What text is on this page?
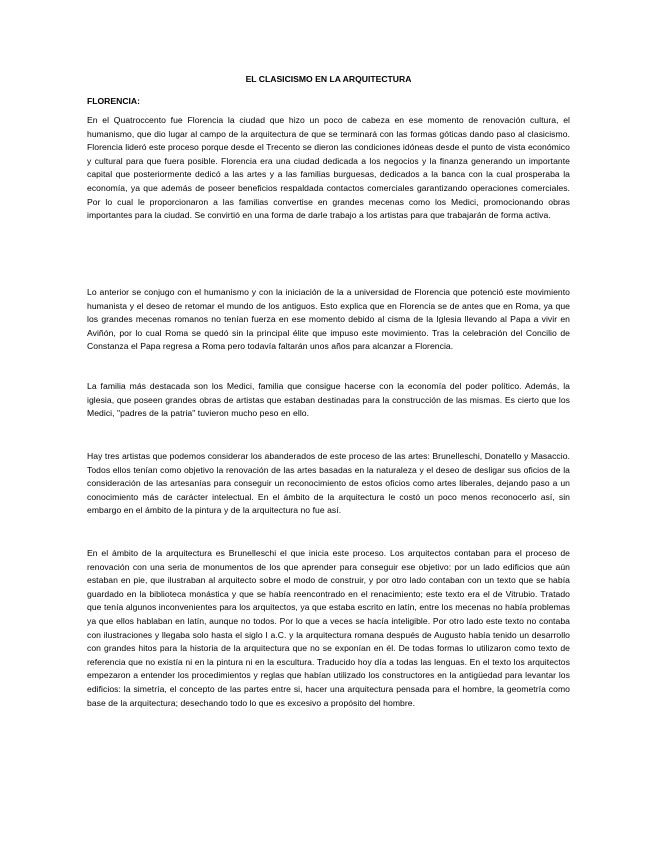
EL CLASICISMO EN LA ARQUITECTURA
FLORENCIA:

En el Quatroccento fue Florencia la ciudad que hizo un poco de cabeza en ese momento de renovación cultura, el humanismo, que dio lugar al campo de la arquitectura de que se terminará con las formas góticas dando paso al clasicismo. Florencia lideró este proceso porque desde el Trecento se dieron las condiciones idóneas desde el punto de vista económico y cultural para que fuera posible. Florencia era una ciudad dedicada a los negocios y la finanza generando un importante capital que posteriormente dedicó a las artes y a las familias burguesas, dedicados a la banca con la cual prosperaba la economía, ya que además de poseer beneficios respaldada contactos comerciales garantizando operaciones comerciales. Por lo cual le proporcionaron a las familias convertise en grandes mecenas como los Medici, promocionando obras importantes para la ciudad. Se convirtió en una forma de darle trabajo a los artistas para que trabajarán de forma activa.

Lo anterior se conjugo con el humanismo y con la iniciación de la a universidad de Florencia que potenció este movimiento humanista y el deseo de retomar el mundo de los antiguos. Esto explica que en Florencia se de antes que en Roma, ya que los grandes mecenas romanos no tenían fuerza en ese momento debido al cisma de la Iglesia llevando al Papa a vivir en Aviñón, por lo cual Roma se quedó sin la principal élite que impuso este movimiento. Tras la celebración del Concilio de Constanza el Papa regresa a Roma pero todavía faltarán unos años para alcanzar a Florencia.

La familia más destacada son los Medici, familia que consigue hacerse con la economía del poder político. Además, la iglesia, que poseen grandes obras de artistas que estaban destinadas para la construcción de las mismas. Es cierto que los Medici, "padres de la patria" tuvieron mucho peso en ello.

Hay tres artistas que podemos considerar los abanderados de este proceso de las artes: Brunelleschi, Donatello y Masaccio. Todos ellos tenían como objetivo la renovación de las artes basadas en la naturaleza y el deseo de desligar sus oficios de la consideración de las artesanías para conseguir un reconocimiento de estos oficios como artes liberales, dejando paso a un conocimiento más de carácter intelectual. En el ámbito de la arquitectura le costó un poco menos reconocerlo así, sin embargo en el ámbito de la pintura y de la arquitectura no fue así.

En el ámbito de la arquitectura es Brunelleschi el que inicia este proceso. Los arquitectos contaban para el proceso de renovación con una seria de monumentos de los que aprender para conseguir ese objetivo: por un lado edificios que aún estaban en pie, que ilustraban al arquitecto sobre el modo de construir, y por otro lado contaban con un texto que se había guardado en la biblioteca monástica y que se había reencontrado en el renacimiento; este texto era el de Vitrubio. Tratado que tenía algunos inconvenientes para los arquitectos, ya que estaba escrito en latín, entre los mecenas no había problemas ya que ellos hablaban en latín, aunque no todos. Por lo que a veces se hacía inteligible. Por otro lado este texto no contaba con ilustraciones y llegaba solo hasta el siglo I a.C. y la arquitectura romana después de Augusto había tenido un desarrollo con grandes hitos para la historia de la arquitectura que no se exponían en él. De todas formas lo utilizaron como texto de referencia que no existía ni en la pintura ni en la escultura. Traducido hoy día a todas las lenguas. En el texto los arquitectos empezaron a entender los procedimientos y reglas que habían utilizado los constructores en la antigüedad para levantar los edificios: la simetría, el concepto de las partes entre si, hacer una arquitectura pensada para el hombre, la geometría como base de la arquitectura; desechando todo lo que es excesivo a propósito del hombre.
